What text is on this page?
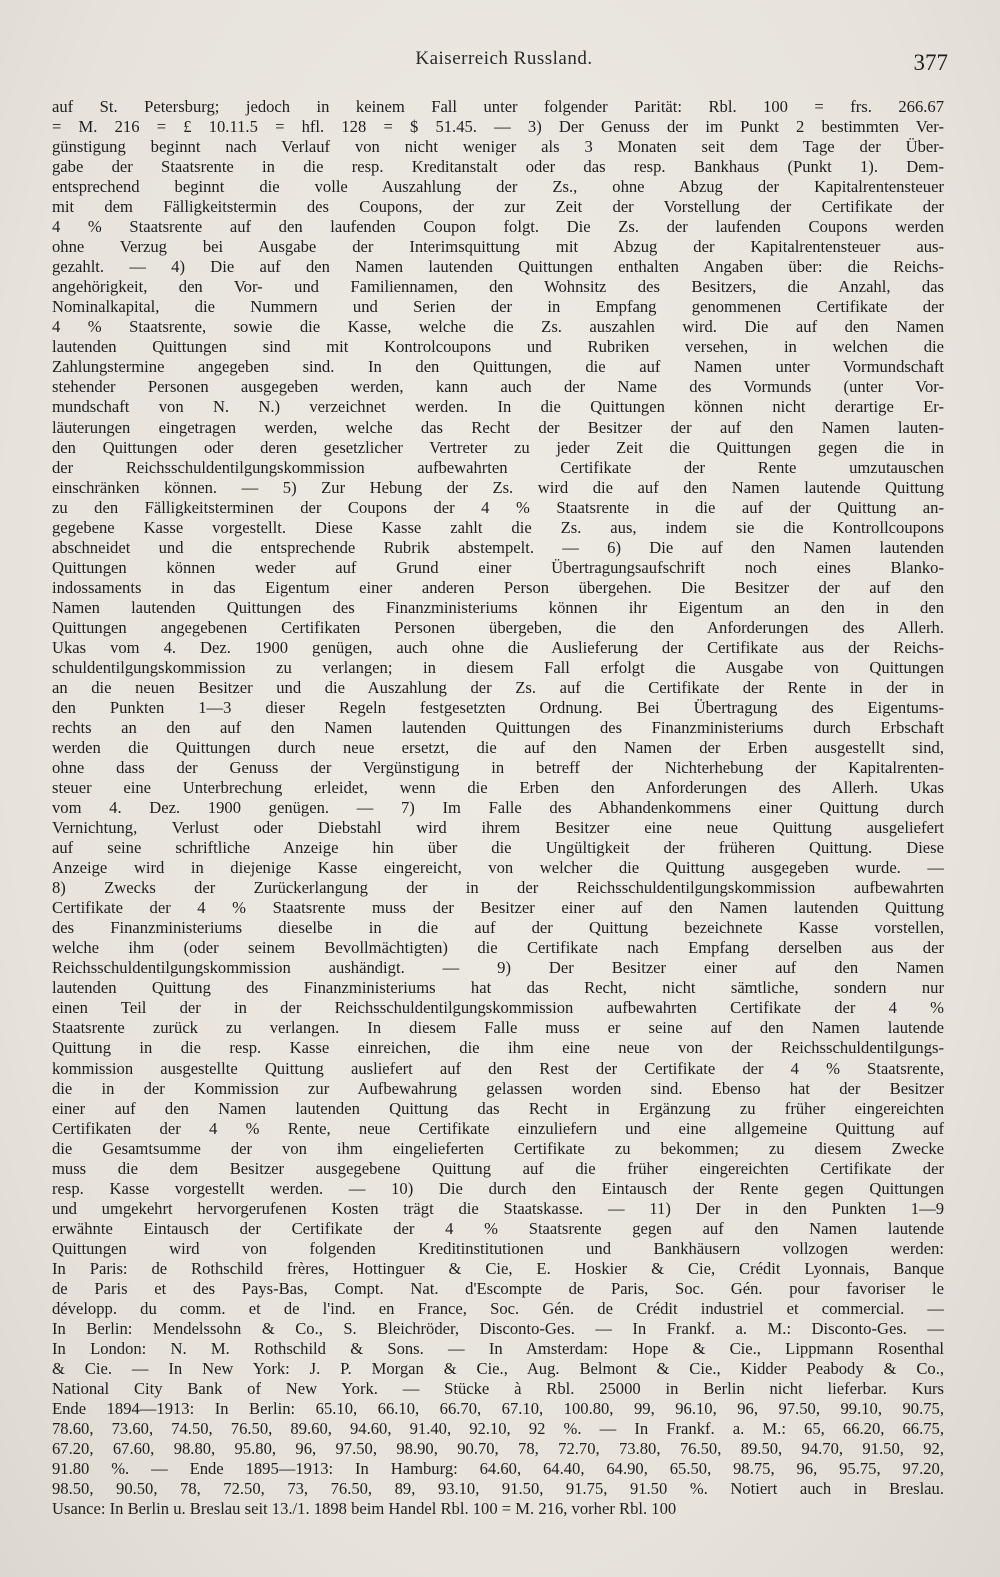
Kaiserreich Russland.	377
auf St. Petersburg; jedoch in keinem Fall unter folgender Parität: Rbl. 100 = frs. 266.67
= M. 216 = £ 10.11.5 = hfl. 128 = $ 51.45. — 3) Der Genuss der im Punkt 2 bestimmten Ver-
günstigung beginnt nach Verlauf von nicht weniger als 3 Monaten seit dem Tage der Über-
gabe der Staatsrente in die resp. Kreditanstalt oder das resp. Bankhaus (Punkt 1). Dem-
entsprechend beginnt die volle Auszahlung der Zs., ohne Abzug der Kapitalrentensteuer
mit dem Fälligkeitstermin des Coupons, der zur Zeit der Vorstellung der Certifikate der
4 % Staatsrente auf den laufenden Coupon folgt. Die Zs. der laufenden Coupons werden
ohne Verzug bei Ausgabe der Interimsquittung mit Abzug der Kapitalrentensteuer aus-
gezahlt. — 4) Die auf den Namen lautenden Quittungen enthalten Angaben über: die Reichs-
angehörigkeit, den Vor- und Familiennamen, den Wohnsitz des Besitzers, die Anzahl, das
Nominalkapital, die Nummern und Serien der in Empfang genommenen Certifikate der
4 % Staatsrente, sowie die Kasse, welche die Zs. auszahlen wird. Die auf den Namen
lautenden Quittungen sind mit Kontrolcoupons und Rubriken versehen, in welchen die
Zahlungstermine angegeben sind. In den Quittungen, die auf Namen unter Vormundschaft
stehender Personen ausgegeben werden, kann auch der Name des Vormunds (unter Vor-
mundschaft von N. N.) verzeichnet werden. In die Quittungen können nicht derartige Er-
läuterungen eingetragen werden, welche das Recht der Besitzer der auf den Namen lauten-
den Quittungen oder deren gesetzlicher Vertreter zu jeder Zeit die Quittungen gegen die in
der Reichsschuldentilgungskommission aufbewahrten Certifikate der Rente umzutauschen
einschränken können. — 5) Zur Hebung der Zs. wird die auf den Namen lautende Quittung
zu den Fälligkeitsterminen der Coupons der 4 % Staatsrente in die auf der Quittung an-
gegebene Kasse vorgestellt. Diese Kasse zahlt die Zs. aus, indem sie die Kontrollcoupons
abschneidet und die entsprechende Rubrik abstempelt. — 6) Die auf den Namen lautenden
Quittungen können weder auf Grund einer Übertragungsaufschrift noch eines Blanko-
indossaments in das Eigentum einer anderen Person übergehen. Die Besitzer der auf den
Namen lautenden Quittungen des Finanzministeriums können ihr Eigentum an den in den
Quittungen angegebenen Certifikaten Personen übergeben, die den Anforderungen des Allerh.
Ukas vom 4. Dez. 1900 genügen, auch ohne die Auslieferung der Certifikate aus der Reichs-
schuldentilgungskommission zu verlangen; in diesem Fall erfolgt die Ausgabe von Quittungen
an die neuen Besitzer und die Auszahlung der Zs. auf die Certifikate der Rente in der in
den Punkten 1—3 dieser Regeln festgesetzten Ordnung. Bei Übertragung des Eigentums-
rechts an den auf den Namen lautenden Quittungen des Finanzministeriums durch Erbschaft
werden die Quittungen durch neue ersetzt, die auf den Namen der Erben ausgestellt sind,
ohne dass der Genuss der Vergünstigung in betreff der Nichterhebung der Kapitalrenten-
steuer eine Unterbrechung erleidet, wenn die Erben den Anforderungen des Allerh. Ukas
vom 4. Dez. 1900 genügen. — 7) Im Falle des Abhandenkommens einer Quittung durch
Vernichtung, Verlust oder Diebstahl wird ihrem Besitzer eine neue Quittung ausgeliefert
auf seine schriftliche Anzeige hin über die Ungültigkeit der früheren Quittung. Diese
Anzeige wird in diejenige Kasse eingereicht, von welcher die Quittung ausgegeben wurde. —
8) Zwecks der Zurückerlangung der in der Reichsschuldentilgungskommission aufbewahrten
Certifikate der 4 % Staatsrente muss der Besitzer einer auf den Namen lautenden Quittung
des Finanzministeriums dieselbe in die auf der Quittung bezeichnete Kasse vorstellen,
welche ihm (oder seinem Bevollmächtigten) die Certifikate nach Empfang derselben aus der
Reichsschuldentilgungskommission aushändigt. — 9) Der Besitzer einer auf den Namen
lautenden Quittung des Finanzministeriums hat das Recht, nicht sämtliche, sondern nur
einen Teil der in der Reichsschuldentilgungskommission aufbewahrten Certifikate der 4 %
Staatsrente zurück zu verlangen. In diesem Falle muss er seine auf den Namen lautende
Quittung in die resp. Kasse einreichen, die ihm eine neue von der Reichsschuldentilgungs-
kommission ausgestellte Quittung ausliefert auf den Rest der Certifikate der 4 % Staatsrente,
die in der Kommission zur Aufbewahrung gelassen worden sind. Ebenso hat der Besitzer
einer auf den Namen lautenden Quittung das Recht in Ergänzung zu früher eingereichten
Certifikaten der 4 % Rente, neue Certifikate einzuliefern und eine allgemeine Quittung auf
die Gesamtsumme der von ihm eingelieferten Certifikate zu bekommen; zu diesem Zwecke
muss die dem Besitzer ausgegebene Quittung auf die früher eingereichten Certifikate der
resp. Kasse vorgestellt werden. — 10) Die durch den Eintausch der Rente gegen Quittungen
und umgekehrt hervorgerufenen Kosten trägt die Staatskasse. — 11) Der in den Punkten 1—9
erwähnte Eintausch der Certifikate der 4 % Staatsrente gegen auf den Namen lautende
Quittungen wird von folgenden Kreditinstitutionen und Bankhäusern vollzogen werden:
In Paris: de Rothschild frères, Hottinguer & Cie, E. Hoskier & Cie, Crédit Lyonnais, Banque
de Paris et des Pays-Bas, Compt. Nat. d'Escompte de Paris, Soc. Gén. pour favoriser le
développ. du comm. et de l'ind. en France, Soc. Gén. de Crédit industriel et commercial. —
In Berlin: Mendelssohn & Co., S. Bleichröder, Disconto-Ges. — In Frankf. a. M.: Disconto-Ges. —
In London: N. M. Rothschild & Sons. — In Amsterdam: Hope & Cie., Lippmann Rosenthal
& Cie. — In New York: J. P. Morgan & Cie., Aug. Belmont & Cie., Kidder Peabody & Co.,
National City Bank of New York. — Stücke à Rbl. 25000 in Berlin nicht lieferbar. Kurs
Ende 1894—1913: In Berlin: 65.10, 66.10, 66.70, 67.10, 100.80, 99, 96.10, 96, 97.50, 99.10, 90.75,
78.60, 73.60, 74.50, 76.50, 89.60, 94.60, 91.40, 92.10, 92 %. — In Frankf. a. M.: 65, 66.20, 66.75,
67.20, 67.60, 98.80, 95.80, 96, 97.50, 98.90, 90.70, 78, 72.70, 73.80, 76.50, 89.50, 94.70, 91.50, 92,
91.80 %. — Ende 1895—1913: In Hamburg: 64.60, 64.40, 64.90, 65.50, 98.75, 96, 95.75, 97.20,
98.50, 90.50, 78, 72.50, 73, 76.50, 89, 93.10, 91.50, 91.75, 91.50 %. Notiert auch in Breslau.
Usance: In Berlin u. Breslau seit 13./1. 1898 beim Handel Rbl. 100 = M. 216, vorher Rbl. 100
